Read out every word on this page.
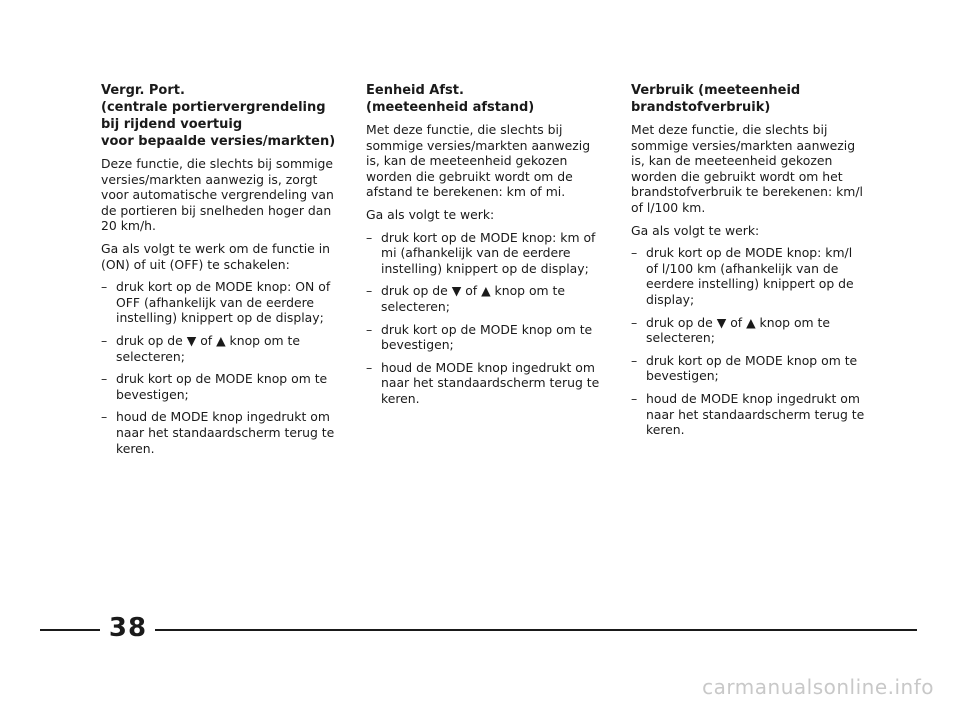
Vergr. Port.
(centrale portiervergrendeling
bij rijdend voertuig
voor bepaalde versies/markten)

Deze functie, die slechts bij sommige versies/markten aanwezig is, zorgt voor automatische vergrendeling van de portieren bij snelheden hoger dan 20 km/h.

Ga als volgt te werk om de functie in (ON) of uit (OFF) te schakelen:

– druk kort op de MODE knop: ON of OFF (afhankelijk van de eerdere instelling) knippert op de display;
– druk op de ▼ of ▲ knop om te selecteren;
– druk kort op de MODE knop om te bevestigen;
– houd de MODE knop ingedrukt om naar het standaardscherm terug te keren.
Eenheid Afst.
(meeteenheid afstand)

Met deze functie, die slechts bij sommige versies/markten aanwezig is, kan de meeteenheid gekozen worden die gebruikt wordt om de afstand te berekenen: km of mi.

Ga als volgt te werk:

– druk kort op de MODE knop: km of mi (afhankelijk van de eerdere instelling) knippert op de display;
– druk op de ▼ of ▲ knop om te selecteren;
– druk kort op de MODE knop om te bevestigen;
– houd de MODE knop ingedrukt om naar het standaardscherm terug te keren.
Verbruik (meeteenheid
brandstofverbruik)

Met deze functie, die slechts bij sommige versies/markten aanwezig is, kan de meeteenheid gekozen worden die gebruikt wordt om het brandstofverbruik te berekenen: km/l of l/100 km.

Ga als volgt te werk:

– druk kort op de MODE knop: km/l of l/100 km (afhankelijk van de eerdere instelling) knippert op de display;
– druk op de ▼ of ▲ knop om te selecteren;
– druk kort op de MODE knop om te bevestigen;
– houd de MODE knop ingedrukt om naar het standaardscherm terug te keren.
38
carmanualsonline.info
